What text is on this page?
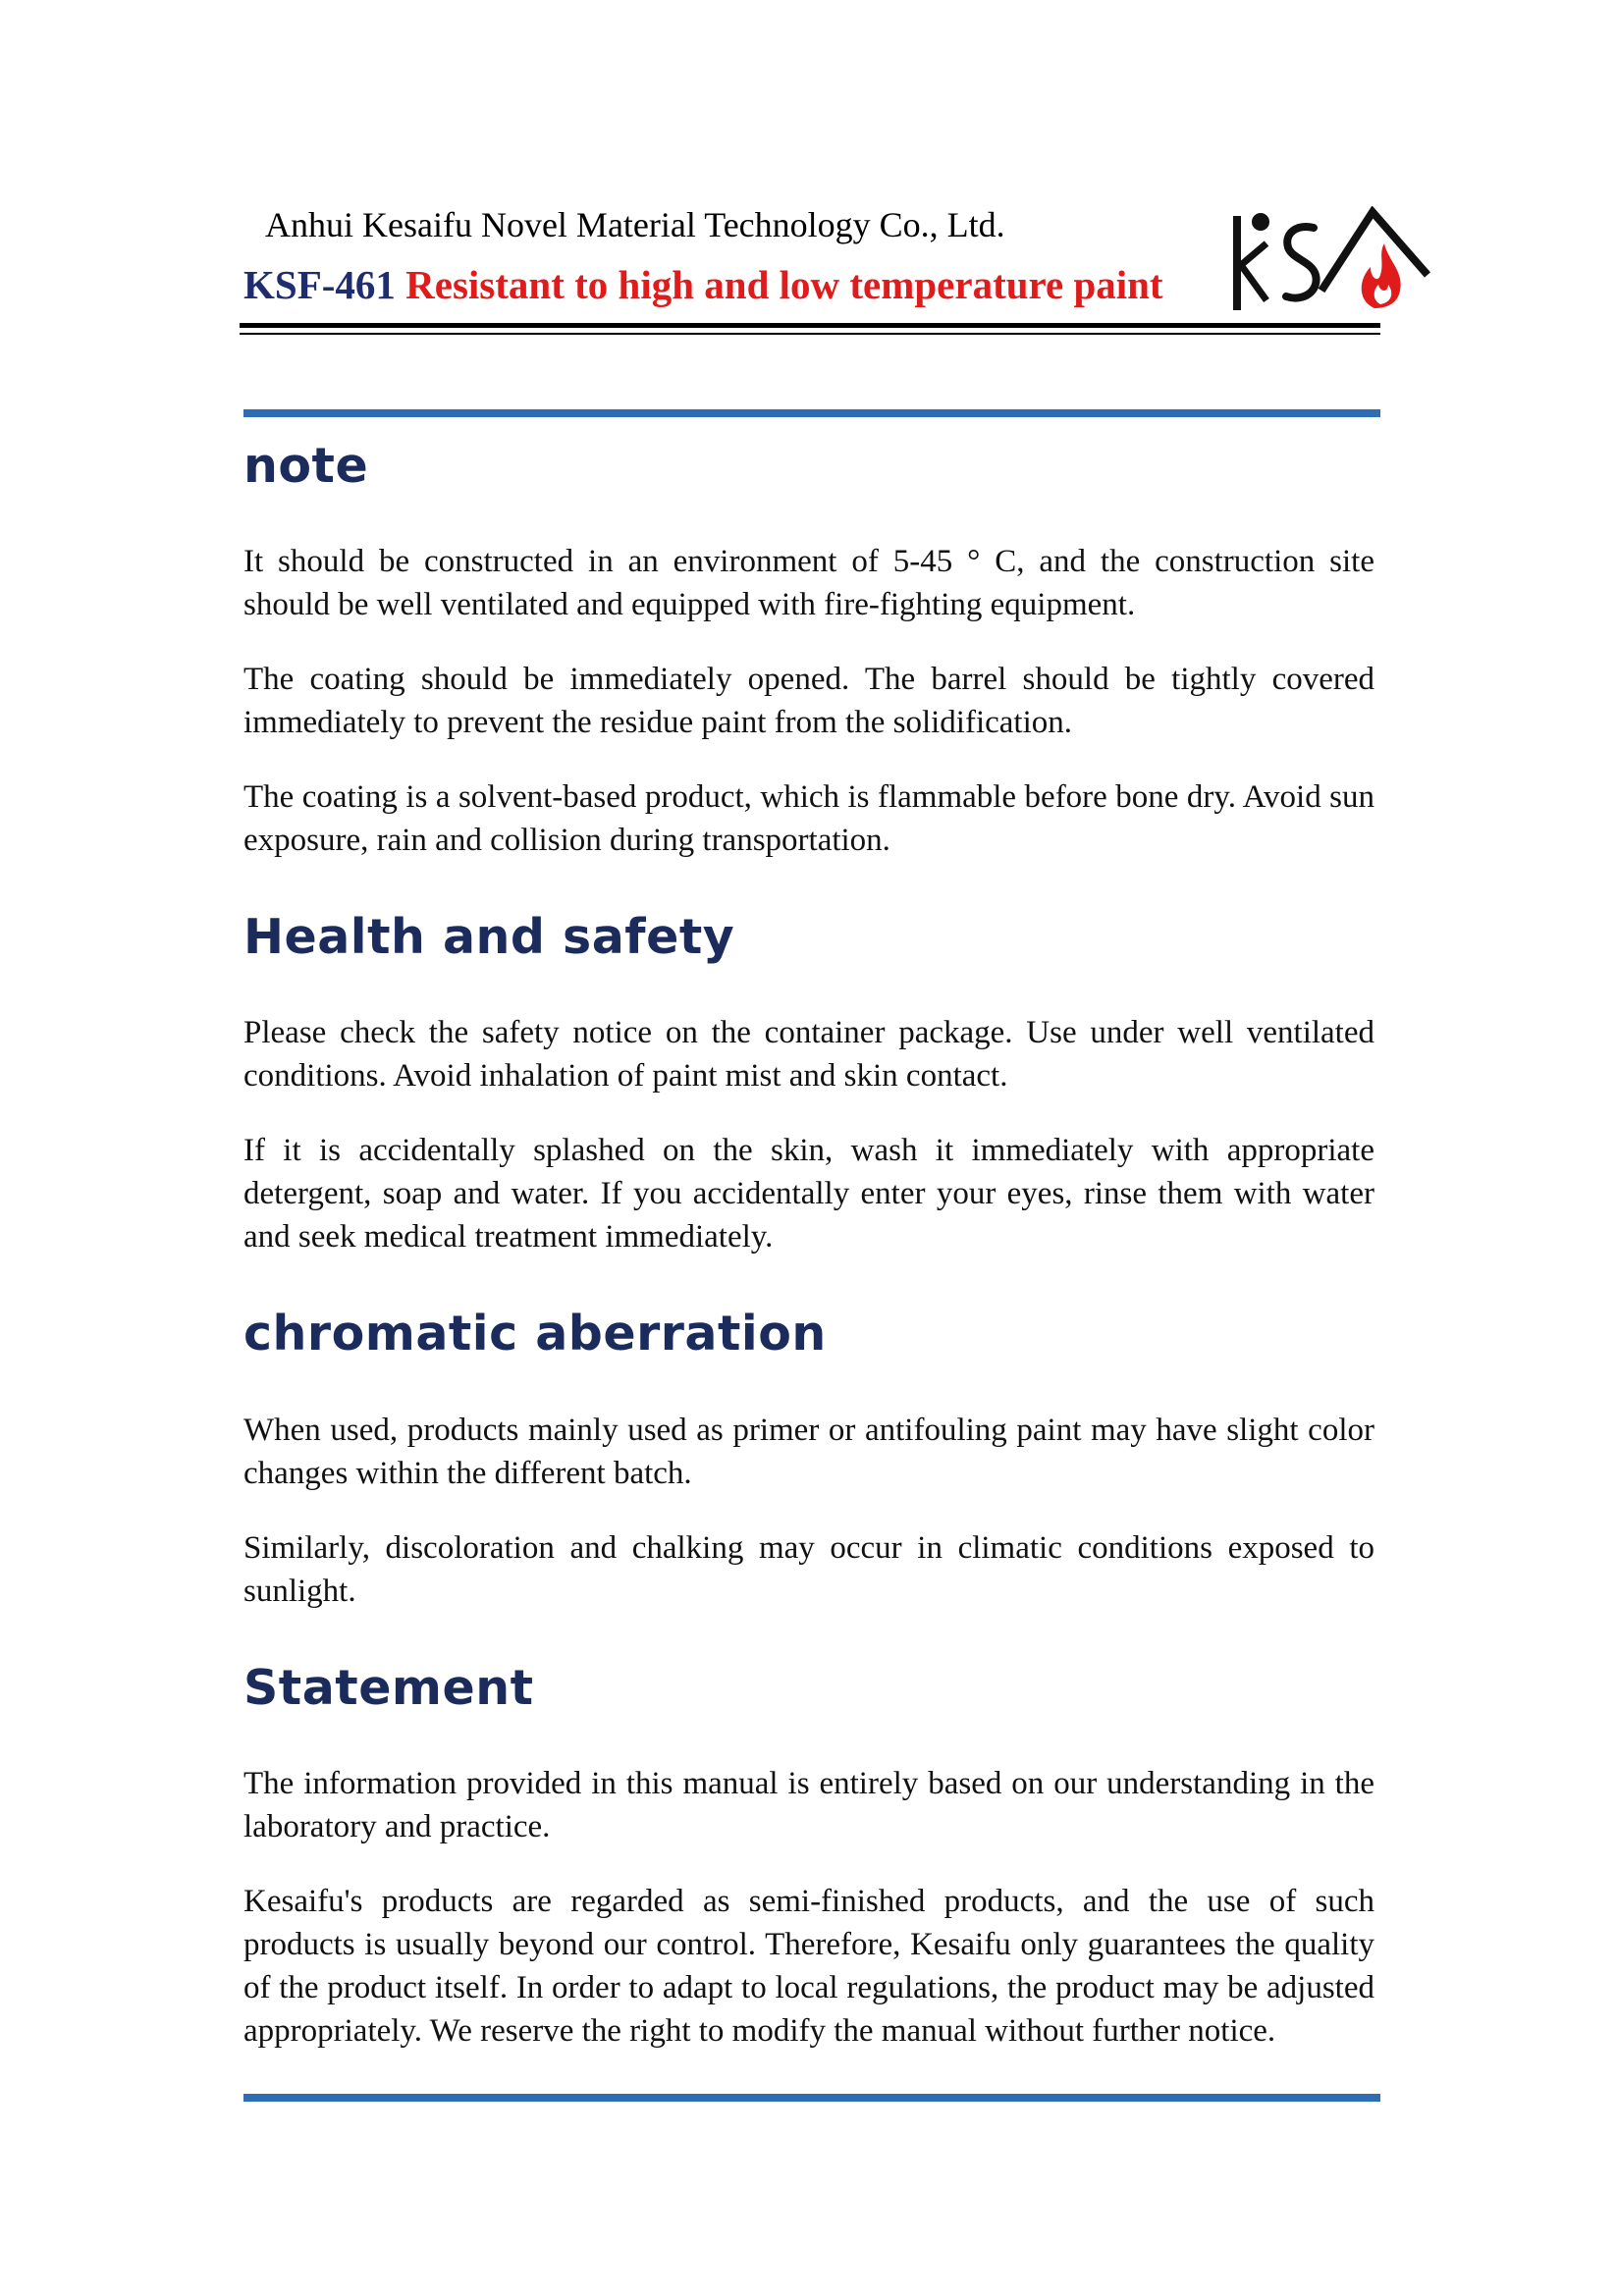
Anhui Kesaifu Novel Material Technology Co., Ltd.
KSF-461 Resistant to high and low temperature paint
note
It should be constructed in an environment of 5-45 ° C, and the construction site should be well ventilated and equipped with fire-fighting equipment.
The coating should be immediately opened. The barrel should be tightly covered immediately to prevent the residue paint from the solidification.
The coating is a solvent-based product, which is flammable before bone dry. Avoid sun exposure, rain and collision during transportation.
Health and safety
Please check the safety notice on the container package. Use under well ventilated conditions. Avoid inhalation of paint mist and skin contact.
If it is accidentally splashed on the skin, wash it immediately with appropriate detergent, soap and water. If you accidentally enter your eyes, rinse them with water and seek medical treatment immediately.
chromatic aberration
When used, products mainly used as primer or antifouling paint may have slight color changes within the different batch.
Similarly, discoloration and chalking may occur in climatic conditions exposed to sunlight.
Statement
The information provided in this manual is entirely based on our understanding in the laboratory and practice.
Kesaifu's products are regarded as semi-finished products, and the use of such products is usually beyond our control. Therefore, Kesaifu only guarantees the quality of the product itself. In order to adapt to local regulations, the product may be adjusted appropriately. We reserve the right to modify the manual without further notice.
